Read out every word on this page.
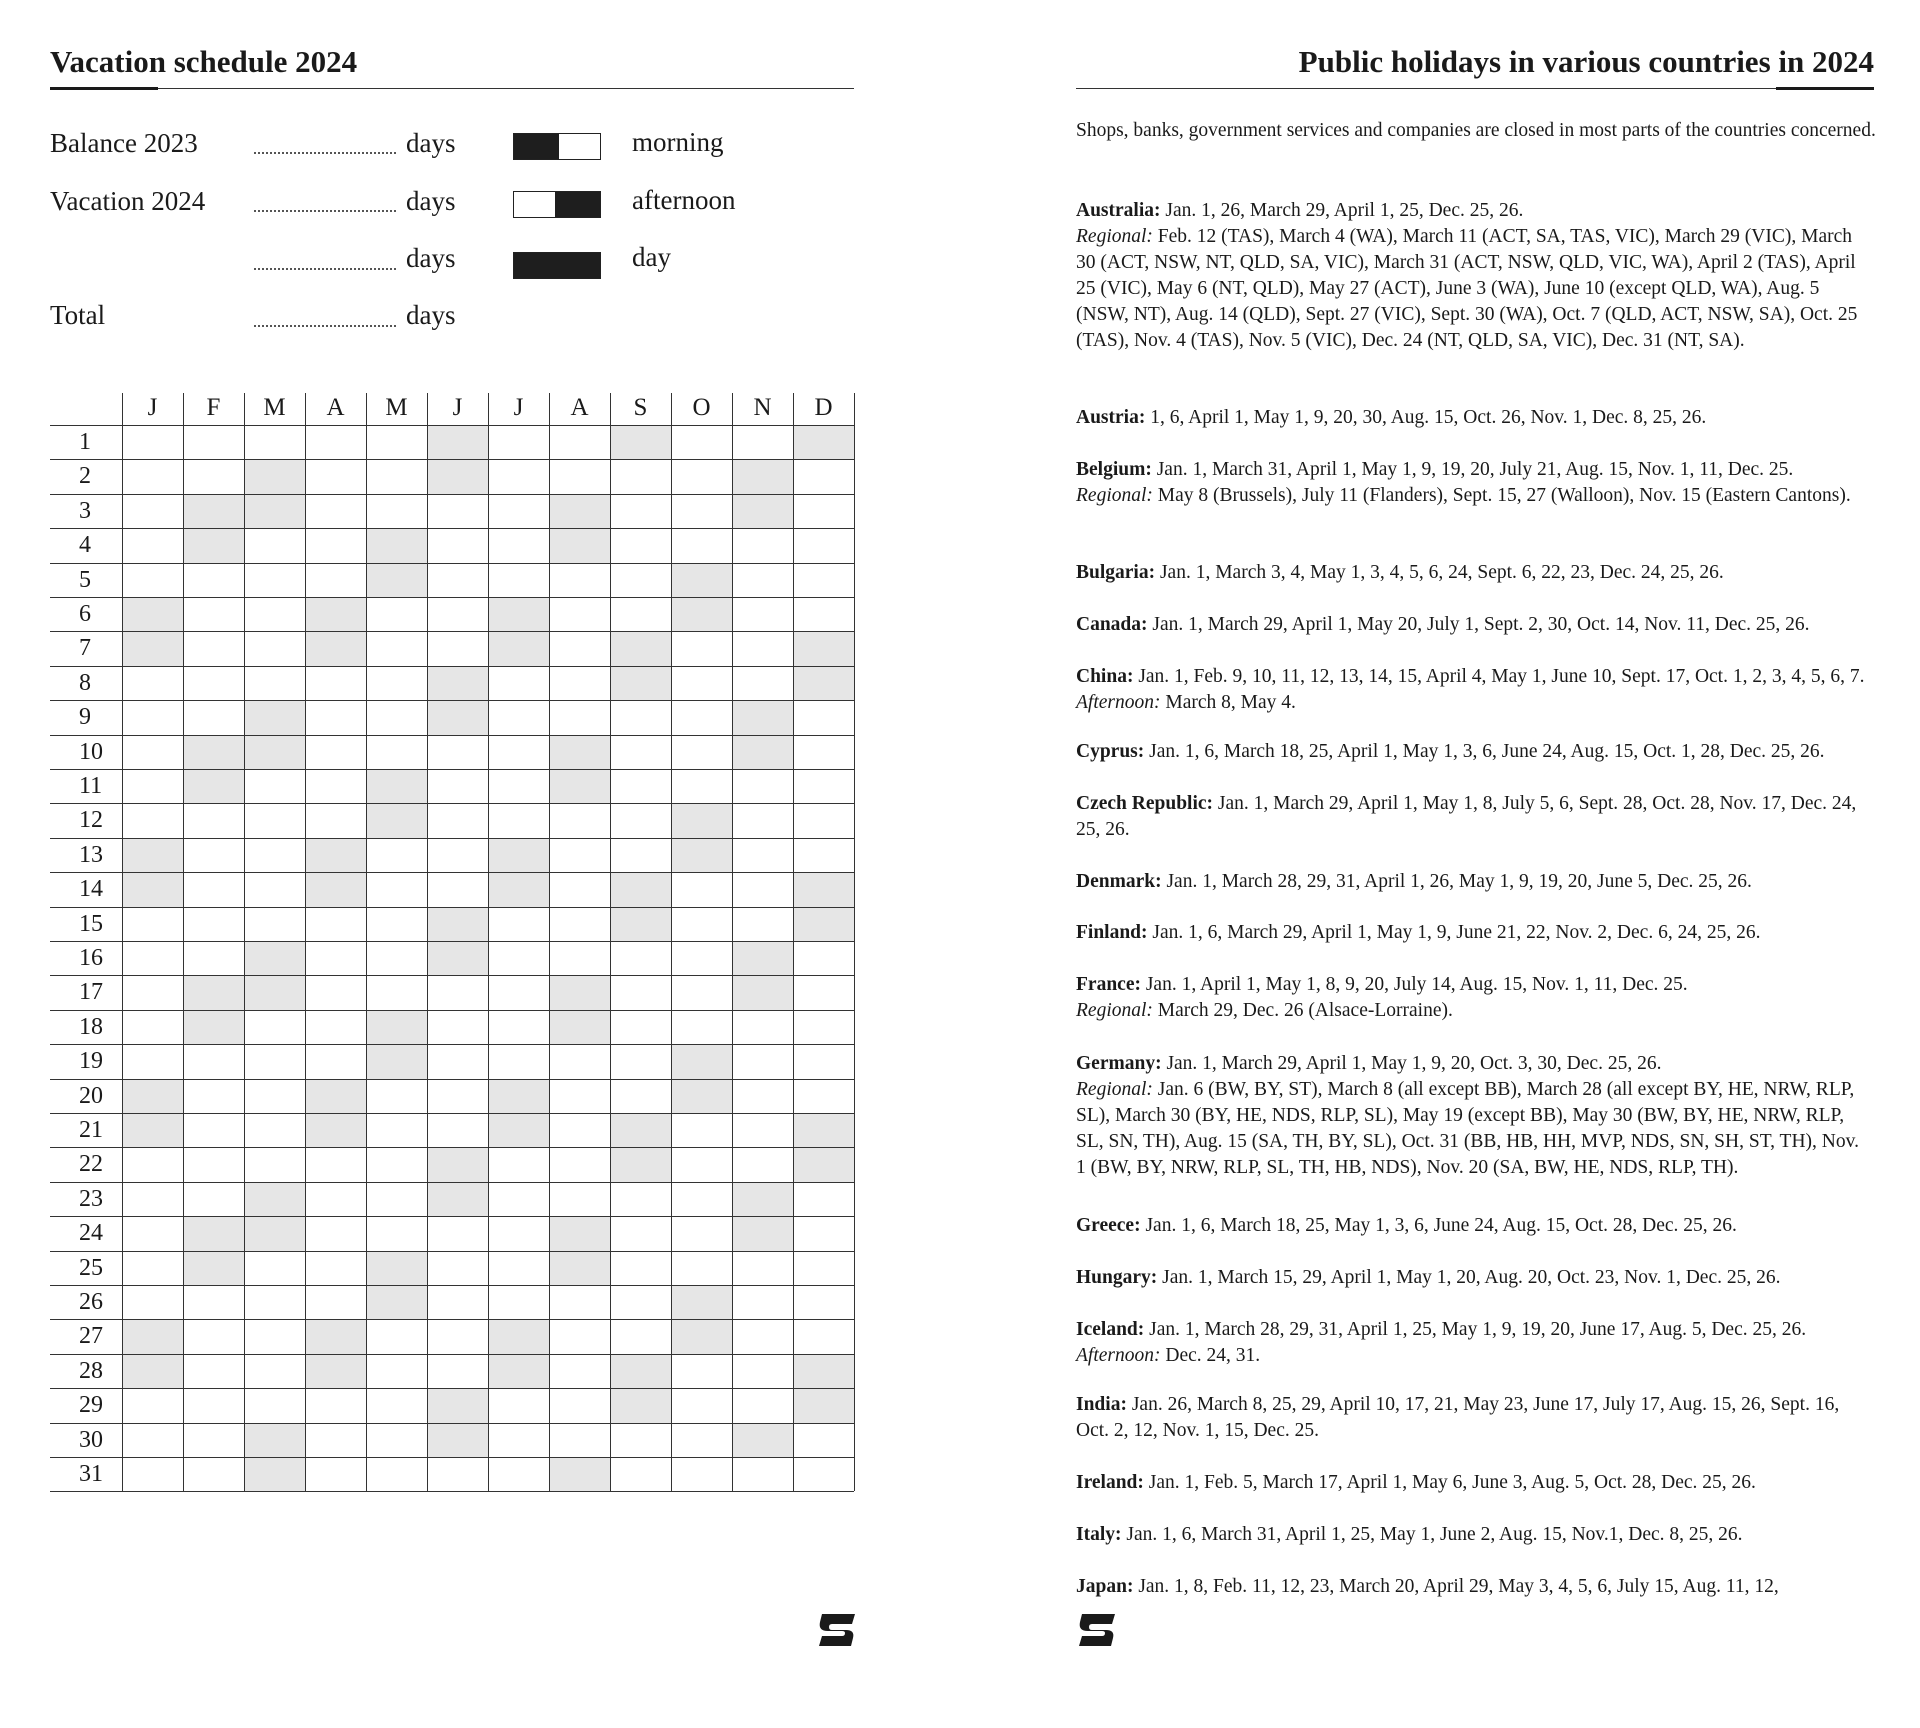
Vacation schedule 2024
Balance 2023	days
Vacation 2024	days
days
Total	days
morning
afternoon
day
J	F	M	A	M	J	J	A	S	O	N	D
1
2
3
4
5
6
7
8
9
10
11
12
13
14
15
16
17
18
19
20
21
22
23
24
25
26
27
28
29
30
31
Public holidays in various countries in 2024

Shops, banks, government services and companies are closed in most parts of the countries concerned.

Australia: Jan. 1, 26, March 29, April 1, 25, Dec. 25, 26.
Regional: Feb. 12 (TAS), March 4 (WA), March 11 (ACT, SA, TAS, VIC), March 29 (VIC), March 30 (ACT, NSW, NT, QLD, SA, VIC), March 31 (ACT, NSW, QLD, VIC, WA), April 2 (TAS), April 25 (VIC), May 6 (NT, QLD), May 27 (ACT), June 3 (WA), June 10 (except QLD, WA), Aug. 5 (NSW, NT), Aug. 14 (QLD), Sept. 27 (VIC), Sept. 30 (WA), Oct. 7 (QLD, ACT, NSW, SA), Oct. 25 (TAS), Nov. 4 (TAS), Nov. 5 (VIC), Dec. 24 (NT, QLD, SA, VIC), Dec. 31 (NT, SA).

Austria: 1, 6, April 1, May 1, 9, 20, 30, Aug. 15, Oct. 26, Nov. 1, Dec. 8, 25, 26.

Belgium: Jan. 1, March 31, April 1, May 1, 9, 19, 20, July 21, Aug. 15, Nov. 1, 11, Dec. 25.
Regional: May 8 (Brussels), July 11 (Flanders), Sept. 15, 27 (Walloon), Nov. 15 (Eastern Cantons).

Bulgaria: Jan. 1, March 3, 4, May 1, 3, 4, 5, 6, 24, Sept. 6, 22, 23, Dec. 24, 25, 26.

Canada: Jan. 1, March 29, April 1, May 20, July 1, Sept. 2, 30, Oct. 14, Nov. 11, Dec. 25, 26.

China: Jan. 1, Feb. 9, 10, 11, 12, 13, 14, 15, April 4, May 1, June 10, Sept. 17, Oct. 1, 2, 3, 4, 5, 6, 7.
Afternoon: March 8, May 4.

Cyprus: Jan. 1, 6, March 18, 25, April 1, May 1, 3, 6, June 24, Aug. 15, Oct. 1, 28, Dec. 25, 26.

Czech Republic: Jan. 1, March 29, April 1, May 1, 8, July 5, 6, Sept. 28, Oct. 28, Nov. 17, Dec. 24, 25, 26.

Denmark: Jan. 1, March 28, 29, 31, April 1, 26, May 1, 9, 19, 20, June 5, Dec. 25, 26.

Finland: Jan. 1, 6, March 29, April 1, May 1, 9, June 21, 22, Nov. 2, Dec. 6, 24, 25, 26.

France: Jan. 1, April 1, May 1, 8, 9, 20, July 14, Aug. 15, Nov. 1, 11, Dec. 25.
Regional: March 29, Dec. 26 (Alsace-Lorraine).

Germany: Jan. 1, March 29, April 1, May 1, 9, 20, Oct. 3, 30, Dec. 25, 26.
Regional: Jan. 6 (BW, BY, ST), March 8 (all except BB), March 28 (all except BY, HE, NRW, RLP, SL), March 30 (BY, HE, NDS, RLP, SL), May 19 (except BB), May 30 (BW, BY, HE, NRW, RLP, SL, SN, TH), Aug. 15 (SA, TH, BY, SL), Oct. 31 (BB, HB, HH, MVP, NDS, SN, SH, ST, TH), Nov. 1 (BW, BY, NRW, RLP, SL, TH, HB, NDS), Nov. 20 (SA, BW, HE, NDS, RLP, TH).

Greece: Jan. 1, 6, March 18, 25, May 1, 3, 6, June 24, Aug. 15, Oct. 28, Dec. 25, 26.

Hungary: Jan. 1, March 15, 29, April 1, May 1, 20, Aug. 20, Oct. 23, Nov. 1, Dec. 25, 26.

Iceland: Jan. 1, March 28, 29, 31, April 1, 25, May 1, 9, 19, 20, June 17, Aug. 5, Dec. 25, 26.
Afternoon: Dec. 24, 31.

India: Jan. 26, March 8, 25, 29, April 10, 17, 21, May 23, June 17, July 17, Aug. 15, 26, Sept. 16, Oct. 2, 12, Nov. 1, 15, Dec. 25.

Ireland: Jan. 1, Feb. 5, March 17, April 1, May 6, June 3, Aug. 5, Oct. 28, Dec. 25, 26.

Italy: Jan. 1, 6, March 31, April 1, 25, May 1, June 2, Aug. 15, Nov.1, Dec. 8, 25, 26.

Japan: Jan. 1, 8, Feb. 11, 12, 23, March 20, April 29, May 3, 4, 5, 6, July 15, Aug. 11, 12,
